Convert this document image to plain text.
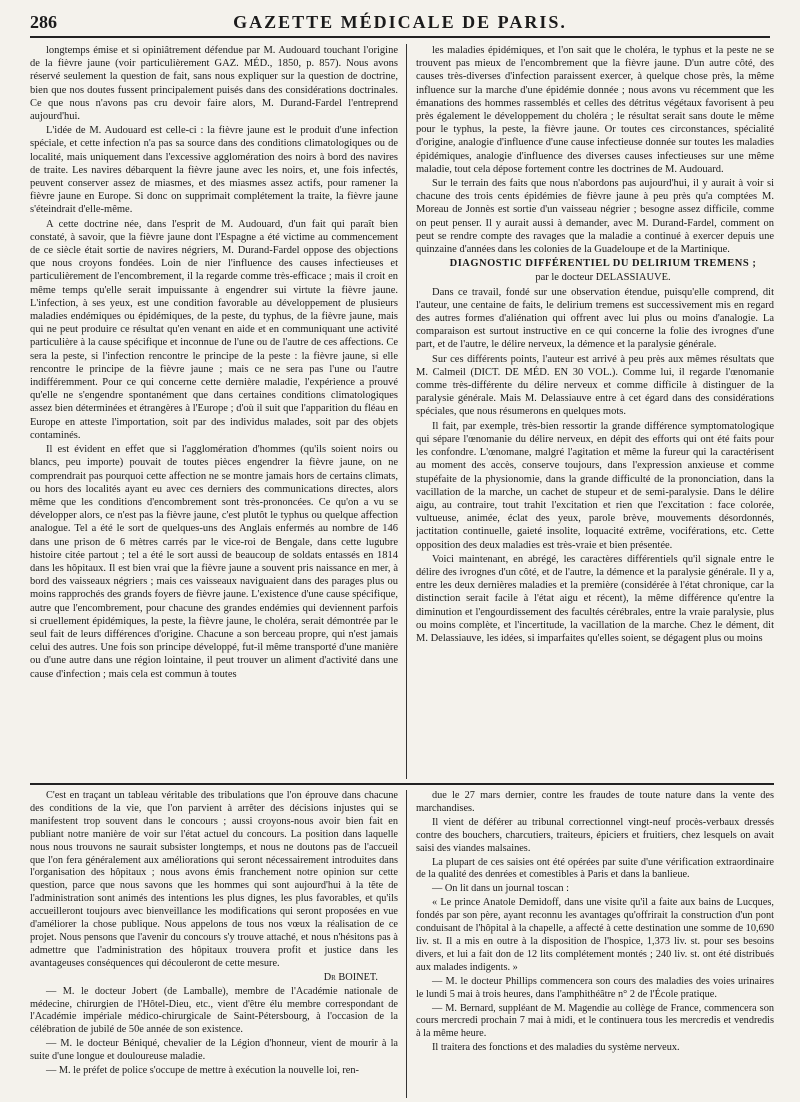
286	GAZETTE MÉDICALE DE PARIS.

longtemps émise et si opiniâtrement défendue par M. Audouard touchant l'origine de la fièvre jaune (voir particulièrement GAZ. MÉD., 1850, p. 857). Nous avons réservé seulement la question de fait, sans nous expliquer sur la question de doctrine, bien que nos doutes fussent principalement puisés dans des considérations doctrinales. Ce que nous n'avons pas cru devoir faire alors, M. Durand-Fardel l'entreprend aujourd'hui.

L'idée de M. Audouard est celle-ci : la fièvre jaune est le produit d'une infection spéciale, et cette infection n'a pas sa source dans des conditions climatologiques ou de localité, mais uniquement dans l'excessive agglomération des noirs à bord des navires de traite. Les navires débarquent la fièvre jaune avec les noirs, et, une fois infectés, peuvent conserver assez de miasmes, et des miasmes assez actifs, pour ramener la fièvre jaune en Europe. Si donc on supprimait complétement la traite, la fièvre jaune s'éteindrait d'elle-même.

A cette doctrine née, dans l'esprit de M. Audouard, d'un fait qui paraît bien constaté, à savoir, que la fièvre jaune dont l'Espagne a été victime au commencement de ce siècle était sortie de navires négriers, M. Durand-Fardel oppose des objections que nous croyons fondées. Loin de nier l'influence des causes infectieuses et particulièrement de l'encombrement, il la regarde comme très-efficace ; mais il croit en même temps qu'elle serait impuissante à engendrer sui virtute la fièvre jaune. L'infection, à ses yeux, est une condition favorable au développement de plusieurs maladies endémiques ou épidémiques, de la peste, du typhus, de la fièvre jaune, mais qui ne peut produire ce résultat qu'en venant en aide et en communiquant une activité particulière à la cause spécifique et inconnue de l'une ou de l'autre de ces affections. Ce sera la peste, si l'infection rencontre le principe de la peste : la fièvre jaune, si elle rencontre le principe de la fièvre jaune ; mais ce ne sera pas l'une ou l'autre indifféremment. Pour ce qui concerne cette dernière maladie, l'expérience a prouvé qu'elle ne s'engendre spontanément que dans certaines conditions climatologiques assez bien déterminées et étrangères à l'Europe ; d'où il suit que l'apparition du fléau en Europe en atteste l'importation, soit par des individus malades, soit par des objets contaminés.

Il est évident en effet que si l'agglomération d'hommes (qu'ils soient noirs ou blancs, peu importe) pouvait de toutes pièces engendrer la fièvre jaune, on ne comprendrait pas pourquoi cette affection ne se montre jamais hors de certains climats, ou hors des localités ayant eu avec ces derniers des communications directes, alors même que les conditions d'encombrement sont très-prononcées. Ce qu'on a vu se développer alors, ce n'est pas la fièvre jaune, c'est plutôt le typhus ou quelque affection analogue. Tel a été le sort de quelques-uns des Anglais enfermés au nombre de 146 dans une prison de 6 mètres carrés par le vice-roi de Bengale, dans cette lugubre histoire citée partout ; tel a été le sort aussi de beaucoup de soldats entassés en 1814 dans les hôpitaux. Il est bien vrai que la fièvre jaune a souvent pris naissance en mer, à bord des vaisseaux négriers ; mais ces vaisseaux naviguaient dans des parages plus ou moins rapprochés des grands foyers de fièvre jaune. L'existence d'une cause spécifique, autre que l'encombrement, pour chacune des grandes endémies qui deviennent parfois si cruellement épidémiques, la peste, la fièvre jaune, le choléra, serait démontrée par le seul fait de leurs différences d'origine. Chacune a son berceau propre, qui n'est jamais celui des autres. Une fois son principe développé, fut-il même transporté d'une manière ou d'une autre dans une région lointaine, il peut trouver un aliment d'activité dans une cause d'infection ; mais cela est commun à toutes

les maladies épidémiques, et l'on sait que le choléra, le typhus et la peste ne se trouvent pas mieux de l'encombrement que la fièvre jaune. D'un autre côté, des causes très-diverses d'infection paraissent exercer, à quelque chose près, la même influence sur la marche d'une épidémie donnée ; nous avons vu récemment que les émanations des hommes rassemblés et celles des détritus végétaux favorisent à peu près également le développement du choléra ; le résultat serait sans doute le même pour le typhus, la peste, la fièvre jaune. Or toutes ces circonstances, spécialité d'origine, analogie d'influence d'une cause infectieuse donnée sur toutes les maladies épidémiques, analogie d'influence des diverses causes infectieuses sur une même maladie, tout cela dépose fortement contre les doctrines de M. Audouard.

Sur le terrain des faits que nous n'abordons pas aujourd'hui, il y aurait à voir si chacune des trois cents épidémies de fièvre jaune à peu près qu'a comptées M. Moreau de Jonnès est sortie d'un vaisseau négrier ; besogne assez difficile, comme on peut penser. Il y aurait aussi à demander, avec M. Durand-Fardel, comment on peut se rendre compte des ravages que la maladie a continué à exercer depuis une quinzaine d'années dans les colonies de la Guadeloupe et de la Martinique.

DIAGNOSTIC DIFFÉRENTIEL DU DELIRIUM TREMENS ;

par le docteur DELASSIAUVE.

Dans ce travail, fondé sur une observation étendue, puisqu'elle comprend, dit l'auteur, une centaine de faits, le delirium tremens est successivement mis en regard des autres formes d'aliénation qui offrent avec lui plus ou moins d'analogie. La comparaison est surtout instructive en ce qui concerne la folie des ivrognes d'une part, et de l'autre, le délire nerveux, la démence et la paralysie générale.

Sur ces différents points, l'auteur est arrivé à peu près aux mêmes résultats que M. Calmeil (DICT. DE MÉD. EN 30 VOL.). Comme lui, il regarde l'œnomanie comme très-différente du délire nerveux et comme difficile à distinguer de la paralysie générale. Mais M. Delassiauve entre à cet égard dans des considérations spéciales, que nous résumerons en quelques mots.

Il fait, par exemple, très-bien ressortir la grande différence symptomatologique qui sépare l'œnomanie du délire nerveux, en dépit des efforts qui ont été faits pour les confondre. L'œnomane, malgré l'agitation et même la fureur qui la caractérisent au moment des accès, conserve toujours, dans l'expression anxieuse et comme stupéfaite de la physionomie, dans la grande difficulté de la prononciation, dans la vacillation de la marche, un cachet de stupeur et de semi-paralysie. Dans le délire aigu, au contraire, tout trahit l'excitation et rien que l'excitation : face colorée, vultueuse, animée, éclat des yeux, parole brève, mouvements désordonnés, jactitation continuelle, gaieté insolite, loquacité extrême, vociférations, etc. Cette opposition des deux maladies est très-vraie et bien présentée.

Voici maintenant, en abrégé, les caractères différentiels qu'il signale entre le délire des ivrognes d'un côté, et de l'autre, la démence et la paralysie générale. Il y a, entre les deux dernières maladies et la première (considérée à l'état chronique, car la distinction serait facile à l'état aigu et récent), la même différence qu'entre la diminution et l'engourdissement des facultés cérébrales, entre la vraie paralysie, plus ou moins complète, et l'incertitude, la vacillation de la marche. Chez le dément, dit M. Delassiauve, les idées, si imparfaites qu'elles soient, se dégagent plus ou moins

C'est en traçant un tableau véritable des tribulations que l'on éprouve dans chacune des conditions de la vie, que l'on parvient à arrêter des décisions injustes qui se manifestent trop souvent dans le concours ; aussi croyons-nous avoir bien fait en publiant notre manière de voir sur l'état actuel du concours. La position dans laquelle nous nous trouvons ne saurait subsister longtemps, et nous ne doutons pas de l'accueil que l'on fera généralement aux améliorations qui seront nécessairement introduites dans l'organisation des hôpitaux ; nous avons émis franchement notre opinion sur cette question, parce que nous savons que les hommes qui sont aujourd'hui à la tête de l'administration sont animés des intentions les plus dignes, les plus favorables, et qu'ils accueilleront toujours avec bienveillance les modifications qui seront proposées en vue d'améliorer la chose publique. Nous appelons de tous nos vœux la réalisation de ce projet. Nous pensons que l'avenir du concours s'y trouve attaché, et nous n'hésitons pas à admettre que l'administration des hôpitaux trouvera profit et justice dans les avantageuses conséquences qui découleront de cette mesure.

Dr BOINET.

— M. le docteur Jobert (de Lamballe), membre de l'Académie nationale de médecine, chirurgien de l'Hôtel-Dieu, etc., vient d'être élu membre correspondant de l'Académie impériale médico-chirurgicale de Saint-Pétersbourg, à l'occasion de la célébration de jubilé de 50e année de son existence.

— M. le docteur Béniqué, chevalier de la Légion d'honneur, vient de mourir à la suite d'une longue et douloureuse maladie.

— M. le préfet de police s'occupe de mettre à exécution la nouvelle loi, ren-

due le 27 mars dernier, contre les fraudes de toute nature dans la vente des marchandises.

Il vient de déférer au tribunal correctionnel vingt-neuf procès-verbaux dressés contre des bouchers, charcutiers, traiteurs, épiciers et fruitiers, chez lesquels on avait saisi des viandes malsaines.

La plupart de ces saisies ont été opérées par suite d'une vérification extraordinaire de la qualité des denrées et comestibles à Paris et dans la banlieue.

— On lit dans un journal toscan :

« Le prince Anatole Demidoff, dans une visite qu'il a faite aux bains de Lucques, fondés par son père, ayant reconnu les avantages qu'offrirait la construction d'un pont conduisant de l'hôpital à la chapelle, a affecté à cette destination une somme de 10,690 liv. st. Il a mis en outre à la disposition de l'hospice, 1,373 liv. st. pour ses besoins divers, et lui a fait don de 12 lits complétement montés ; 240 liv. st. ont été distribués aux malades indigents. »

— M. le docteur Phillips commencera son cours des maladies des voies urinaires le lundi 5 mai à trois heures, dans l'amphithéâtre n° 2 de l'École pratique.

— M. Bernard, suppléant de M. Magendie au collège de France, commencera son cours mercredi prochain 7 mai à midi, et le continuera tous les mercredis et vendredis à la même heure.

Il traitera des fonctions et des maladies du système nerveux.
